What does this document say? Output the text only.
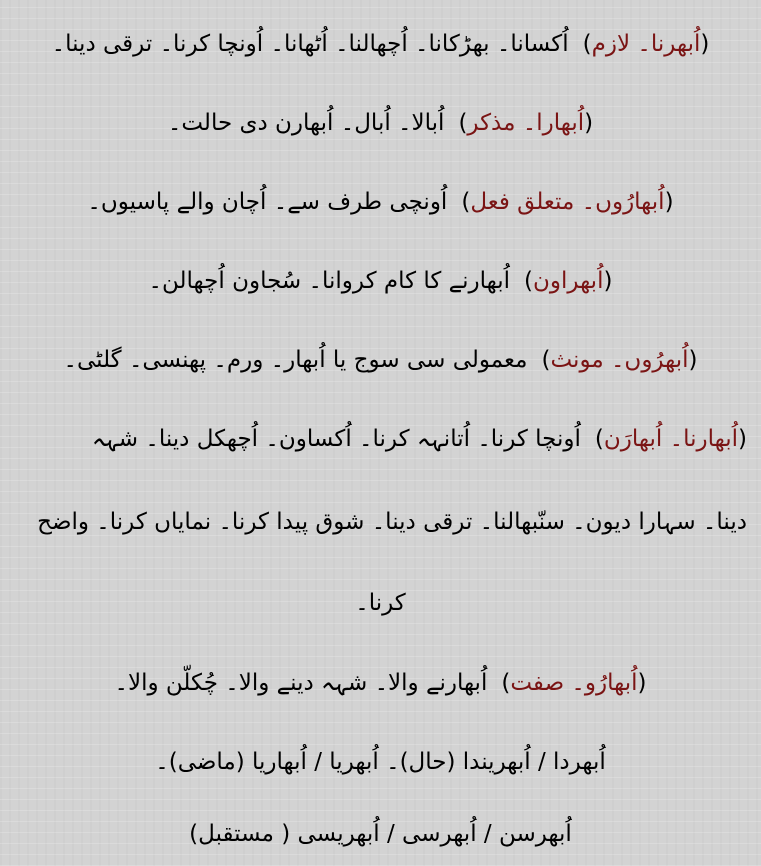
(اُبھرنا۔ لازم)اُکسانا۔ بھڑکانا۔ اُچھالنا۔ اُٹھانا۔ اُونچا کرنا۔ ترقی دینا۔
(اُبھارا۔ مذکر)اُبالا۔ اُبال۔ اُبھارن دی حالت۔
(اُبھارُوں۔ متعلق فعل)اُونچی طرف سے۔ اُچان والے پاسیوں۔
(اُبھراون)اُبھارنے کا کام کروانا۔ سُجاون اُچھالن۔
(اُبھرُوں۔ مونث)معمولی سی سوج یا اُبھار۔ ورم۔ پھنسی۔ گلٹی۔
(اُبھارنا۔ اُبھارَن)اُونچا کرنا۔ اُتانہہ کرنا۔ اُکساون۔ اُچھکل دینا۔ شہہ
دینا۔ سہارا دیون۔ سنّبھالنا۔ ترقی دینا۔ شوق پیدا کرنا۔ نمایاں کرنا۔ واضح
کرنا۔
(اُبھارُو۔ صفت)اُبھارنے والا۔ شہہ دینے والا۔ چُکلّن والا۔
اُبھردا / اُبھریندا (حال)۔ اُبھریا / اُبھاریا (ماضی)۔
اُبھرسن / اُبھرسی / اُبھریسی ( مستقبل)
